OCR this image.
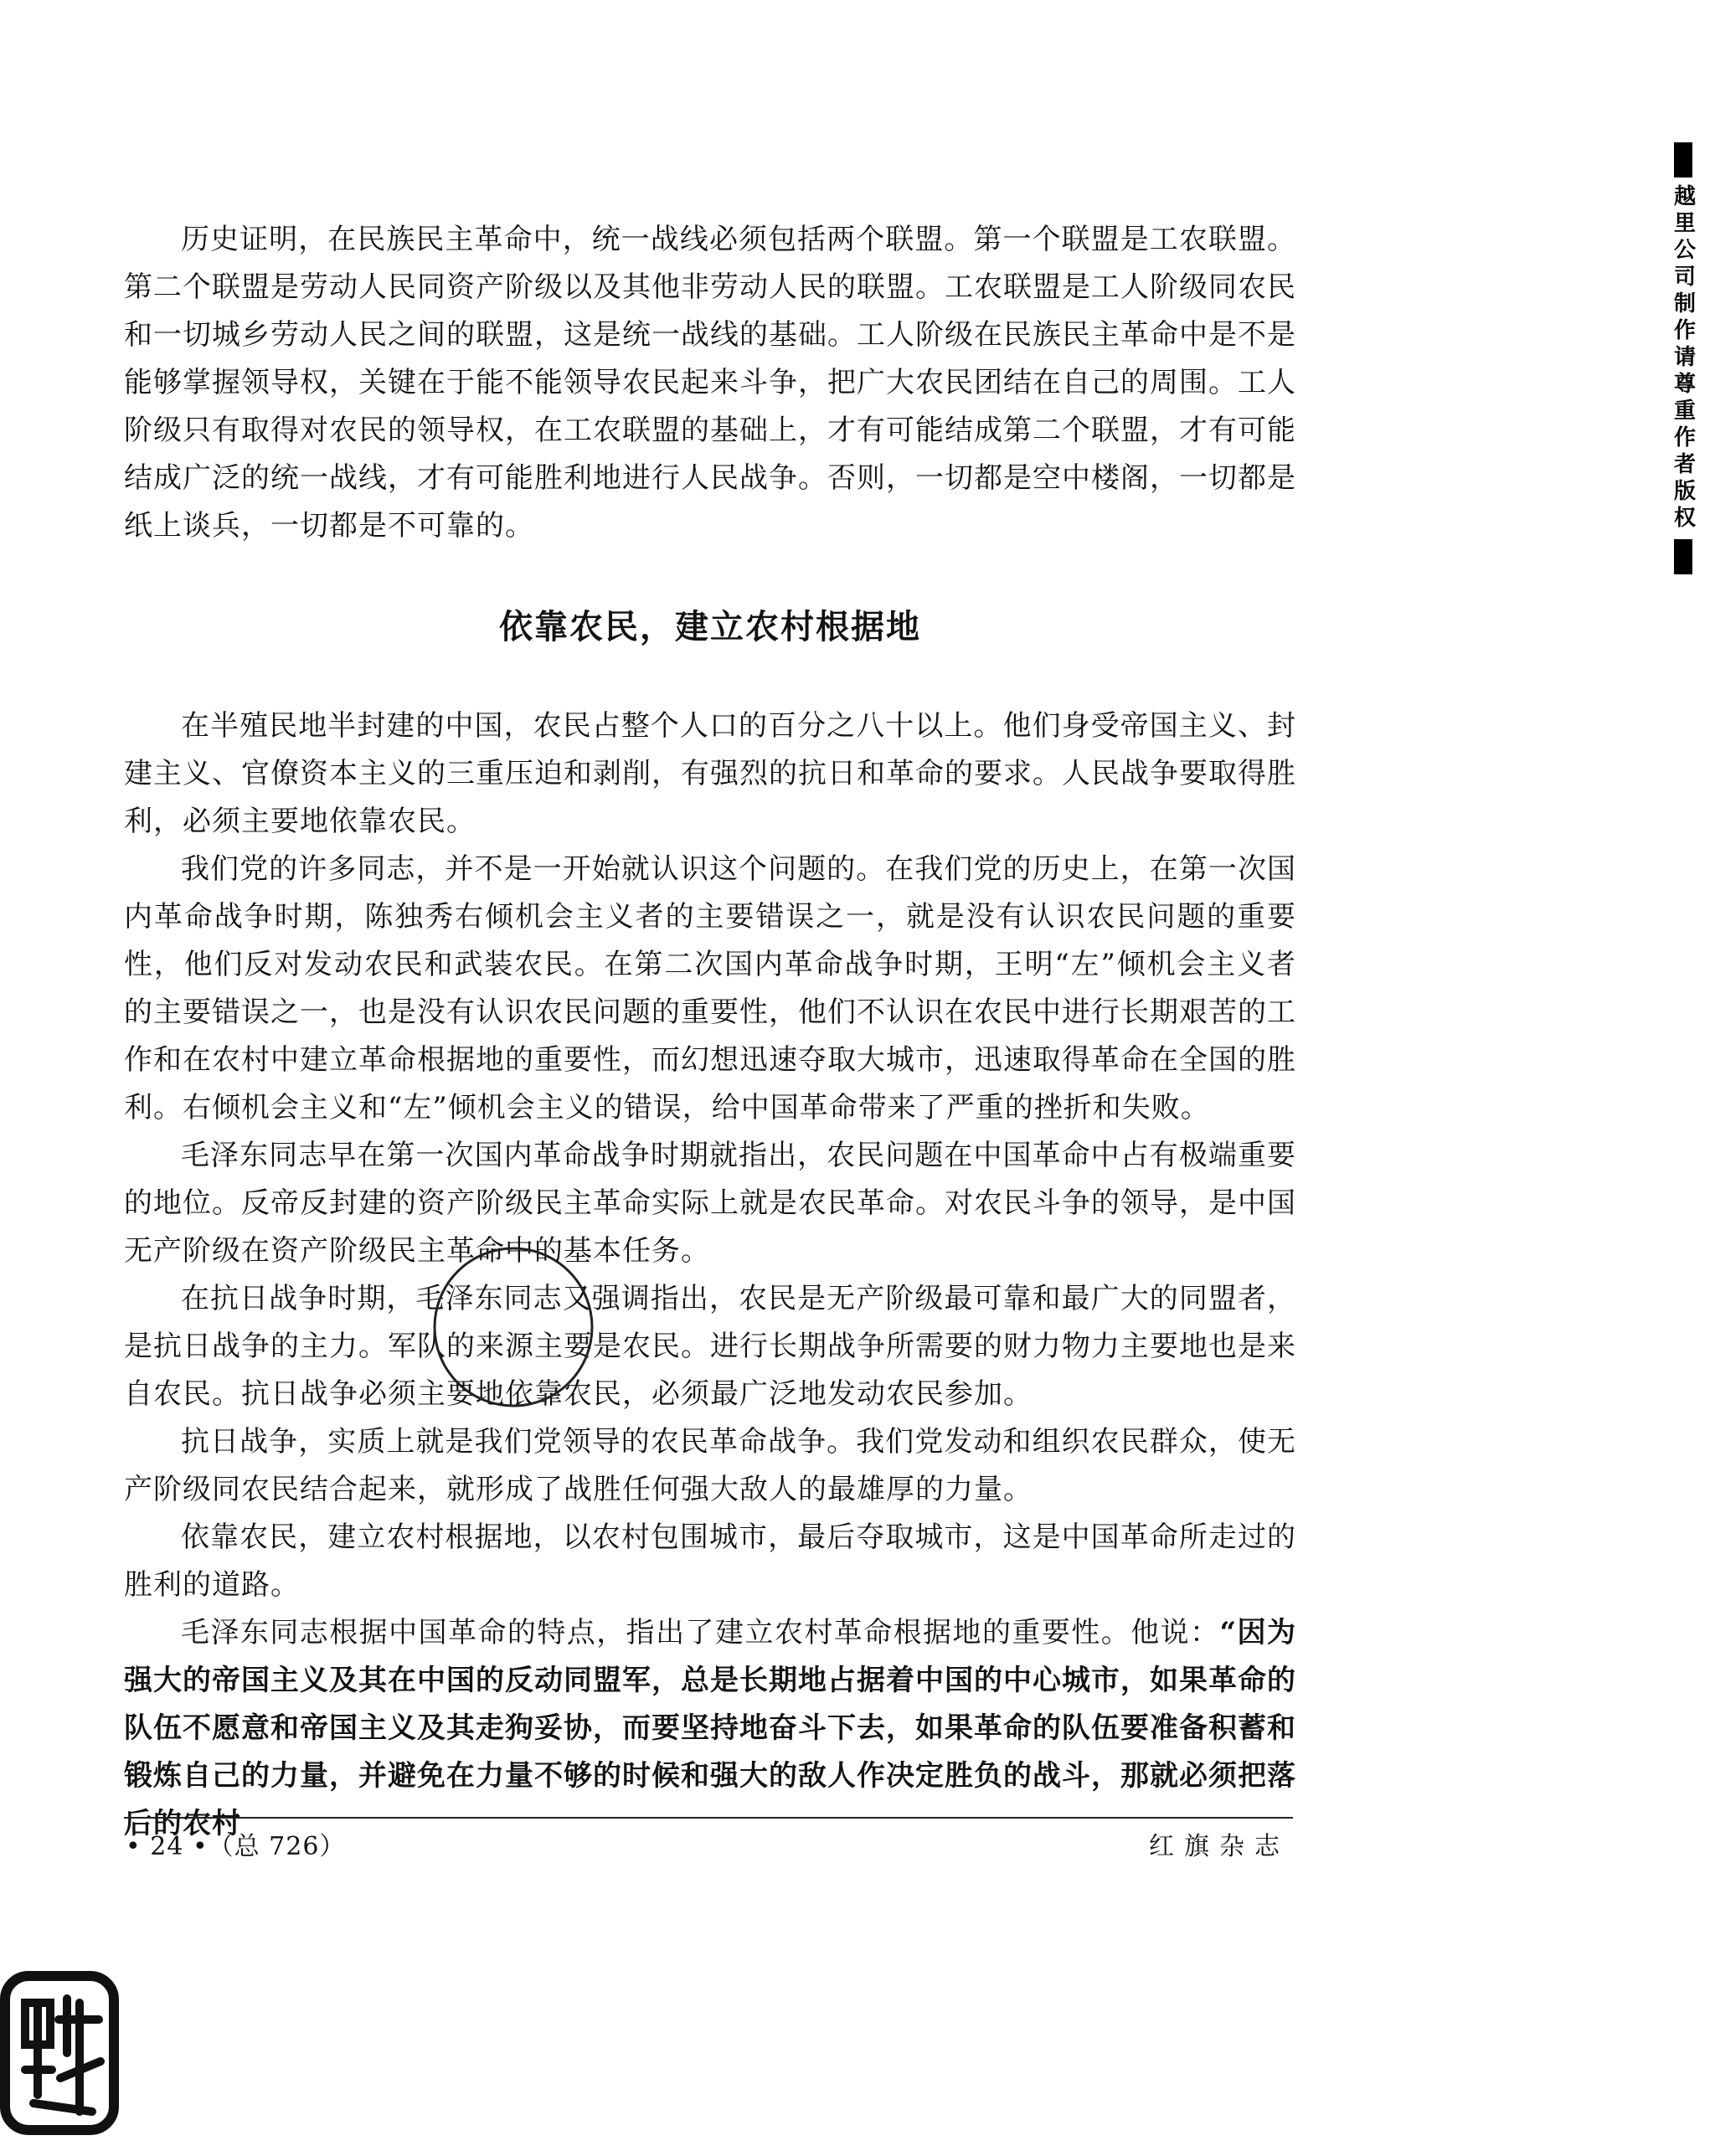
历史证明，在民族民主革命中，统一战线必须包括两个联盟。第一个联盟是工农联盟。第二个联盟是劳动人民同资产阶级以及其他非劳动人民的联盟。工农联盟是工人阶级同农民和一切城乡劳动人民之间的联盟，这是统一战线的基础。工人阶级在民族民主革命中是不是能够掌握领导权，关键在于能不能领导农民起来斗争，把广大农民团结在自己的周围。工人阶级只有取得对农民的领导权，在工农联盟的基础上，才有可能结成第二个联盟，才有可能结成广泛的统一战线，才有可能胜利地进行人民战争。否则，一切都是空中楼阁，一切都是纸上谈兵，一切都是不可靠的。

依靠农民，建立农村根据地

在半殖民地半封建的中国，农民占整个人口的百分之八十以上。他们身受帝国主义、封建主义、官僚资本主义的三重压迫和剥削，有强烈的抗日和革命的要求。人民战争要取得胜利，必须主要地依靠农民。

我们党的许多同志，并不是一开始就认识这个问题的。在我们党的历史上，在第一次国内革命战争时期，陈独秀右倾机会主义者的主要错误之一，就是没有认识农民问题的重要性，他们反对发动农民和武装农民。在第二次国内革命战争时期，王明“左”倾机会主义者的主要错误之一，也是没有认识农民问题的重要性，他们不认识在农民中进行长期艰苦的工作和在农村中建立革命根据地的重要性，而幻想迅速夺取大城市，迅速取得革命在全国的胜利。右倾机会主义和“左”倾机会主义的错误，给中国革命带来了严重的挫折和失败。

毛泽东同志早在第一次国内革命战争时期就指出，农民问题在中国革命中占有极端重要的地位。反帝反封建的资产阶级民主革命实际上就是农民革命。对农民斗争的领导，是中国无产阶级在资产阶级民主革命中的基本任务。

在抗日战争时期，毛泽东同志又强调指出，农民是无产阶级最可靠和最广大的同盟者，是抗日战争的主力。军队的来源主要是农民。进行长期战争所需要的财力物力主要地也是来自农民。抗日战争必须主要地依靠农民，必须最广泛地发动农民参加。

抗日战争，实质上就是我们党领导的农民革命战争。我们党发动和组织农民群众，使无产阶级同农民结合起来，就形成了战胜任何强大敌人的最雄厚的力量。

依靠农民，建立农村根据地，以农村包围城市，最后夺取城市，这是中国革命所走过的胜利的道路。

毛泽东同志根据中国革命的特点，指出了建立农村革命根据地的重要性。他说：“因为强大的帝国主义及其在中国的反动同盟军，总是长期地占据着中国的中心城市，如果革命的队伍不愿意和帝国主义及其走狗妥协，而要坚持地奋斗下去，如果革命的队伍要准备积蓄和锻炼自己的力量，并避免在力量不够的时候和强大的敌人作决定胜负的战斗，那就必须把落后的农村

• 24 •（总 726）	红旗杂志
越里公司制作请尊重作者版权
